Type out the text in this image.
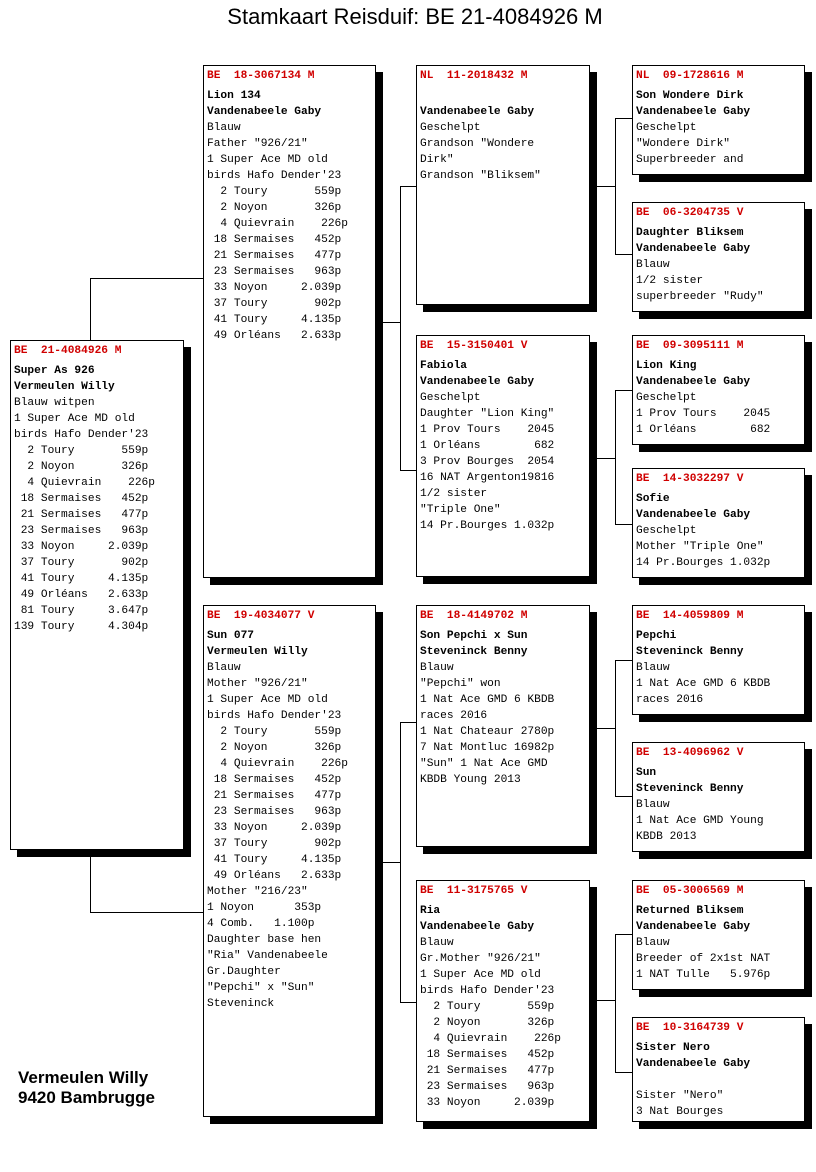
Stamkaart Reisduif: BE 21-4084926 M
BE  21-4084926 M
Super As 926
Vermeulen Willy
Blauw witpen
1 Super Ace MD old
birds Hafo Dender'23
2 Toury       559p
2 Noyon       326p
4 Quievrain    226p
18 Sermaises   452p
21 Sermaises   477p
23 Sermaises   963p
33 Noyon     2.039p
37 Toury       902p
41 Toury     4.135p
49 Orléans   2.633p
81 Toury     3.647p
139 Toury     4.304p
BE  18-3067134 M
Lion 134
Vandenabeele Gaby
Blauw
Father "926/21"
1 Super Ace MD old
birds Hafo Dender'23
2 Toury       559p
2 Noyon       326p
4 Quievrain    226p
18 Sermaises   452p
21 Sermaises   477p
23 Sermaises   963p
33 Noyon     2.039p
37 Toury       902p
41 Toury     4.135p
49 Orléans   2.633p
BE  19-4034077 V
Sun 077
Vermeulen Willy
Blauw
Mother "926/21"
1 Super Ace MD old
birds Hafo Dender'23
2 Toury       559p
2 Noyon       326p
4 Quievrain    226p
18 Sermaises   452p
21 Sermaises   477p
23 Sermaises   963p
33 Noyon     2.039p
37 Toury       902p
41 Toury     4.135p
49 Orléans   2.633p
Mother "216/23"
1 Noyon      353p
4 Comb.   1.100p
Daughter base hen
"Ria" Vandenabeele
Gr.Daughter
"Pepchi" x "Sun"
Steveninck
NL  11-2018432 M
Vandenabeele Gaby
Geschelpt
Grandson "Wondere
Dirk"
Grandson "Bliksem"
BE  15-3150401 V
Fabiola
Vandenabeele Gaby
Geschelpt
Daughter "Lion King"
1 Prov Tours    2045
1 Orléans        682
3 Prov Bourges  2054
16 NAT Argenton19816
1/2 sister
"Triple One"
14 Pr.Bourges 1.032p
BE  18-4149702 M
Son Pepchi x Sun
Steveninck Benny
Blauw
"Pepchi" won
1 Nat Ace GMD 6 KBDB
races 2016
1 Nat Chateaur 2780p
7 Nat Montluc 16982p
"Sun" 1 Nat Ace GMD
KBDB Young 2013
BE  11-3175765 V
Ria
Vandenabeele Gaby
Blauw
Gr.Mother "926/21"
1 Super Ace MD old
birds Hafo Dender'23
2 Toury       559p
2 Noyon       326p
4 Quievrain    226p
18 Sermaises   452p
21 Sermaises   477p
23 Sermaises   963p
33 Noyon     2.039p
NL  09-1728616 M
Son Wondere Dirk
Vandenabeele Gaby
Geschelpt
"Wondere Dirk"
Superbreeder and
BE  06-3204735 V
Daughter Bliksem
Vandenabeele Gaby
Blauw
1/2 sister
superbreeder "Rudy"
BE  09-3095111 M
Lion King
Vandenabeele Gaby
Geschelpt
1 Prov Tours    2045
1 Orléans        682
BE  14-3032297 V
Sofie
Vandenabeele Gaby
Geschelpt
Mother "Triple One"
14 Pr.Bourges 1.032p
BE  14-4059809 M
Pepchi
Steveninck Benny
Blauw
1 Nat Ace GMD 6 KBDB
races 2016
BE  13-4096962 V
Sun
Steveninck Benny
Blauw
1 Nat Ace GMD Young
KBDB 2013
BE  05-3006569 M
Returned Bliksem
Vandenabeele Gaby
Blauw
Breeder of 2x1st NAT
1 NAT Tulle   5.976p
BE  10-3164739 V
Sister Nero
Vandenabeele Gaby
Sister "Nero"
3 Nat Bourges
Vermeulen Willy
9420 Bambrugge
